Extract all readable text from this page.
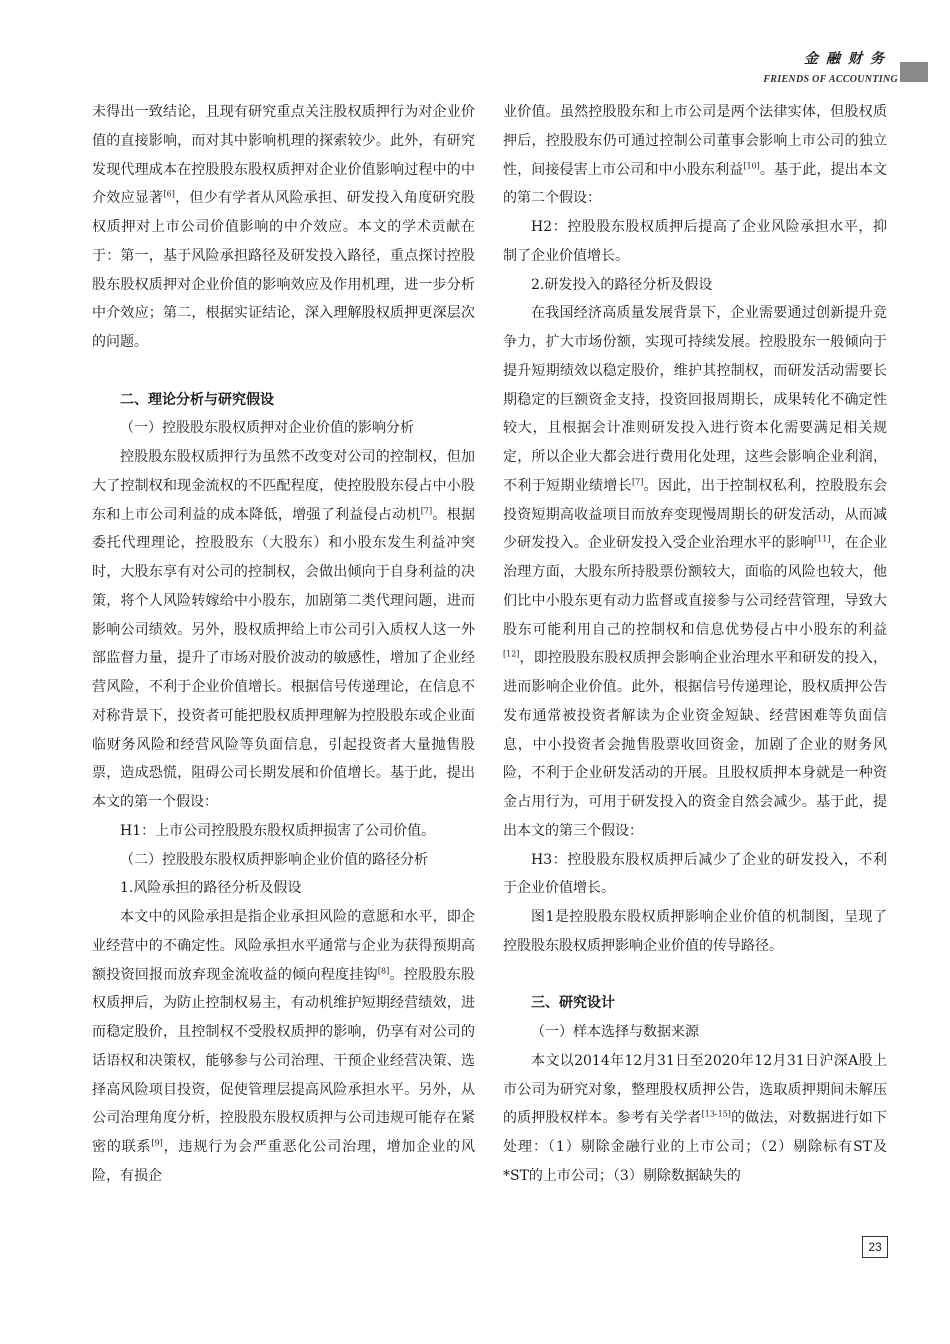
金融财务
FRIENDS OF ACCOUNTING

未得出一致结论，且现有研究重点关注股权质押行为对企业价值的直接影响，而对其中影响机理的探索较少。此外，有研究发现代理成本在控股股东股权质押对企业价值影响过程中的中介效应显著[6]，但少有学者从风险承担、研发投入角度研究股权质押对上市公司价值影响的中介效应。本文的学术贡献在于：第一，基于风险承担路径及研发投入路径，重点探讨控股股东股权质押对企业价值的影响效应及作用机理，进一步分析中介效应；第二，根据实证结论，深入理解股权质押更深层次的问题。

二、理论分析与研究假设

（一）控股股东股权质押对企业价值的影响分析

控股股东股权质押行为虽然不改变对公司的控制权，但加大了控制权和现金流权的不匹配程度，使控股股东侵占中小股东和上市公司利益的成本降低，增强了利益侵占动机[7]。根据委托代理理论，控股股东（大股东）和小股东发生利益冲突时，大股东享有对公司的控制权，会做出倾向于自身利益的决策，将个人风险转嫁给中小股东，加剧第二类代理问题，进而影响公司绩效。另外，股权质押给上市公司引入质权人这一外部监督力量，提升了市场对股价波动的敏感性，增加了企业经营风险，不利于企业价值增长。根据信号传递理论，在信息不对称背景下，投资者可能把股权质押理解为控股股东或企业面临财务风险和经营风险等负面信息，引起投资者大量抛售股票，造成恐慌，阻碍公司长期发展和价值增长。基于此，提出本文的第一个假设：

H1：上市公司控股股东股权质押损害了公司价值。

（二）控股股东股权质押影响企业价值的路径分析

1.风险承担的路径分析及假设

本文中的风险承担是指企业承担风险的意愿和水平，即企业经营中的不确定性。风险承担水平通常与企业为获得预期高额投资回报而放弃现金流收益的倾向程度挂钩[8]。控股股东股权质押后，为防止控制权易主，有动机维护短期经营绩效，进而稳定股价，且控制权不受股权质押的影响，仍享有对公司的话语权和决策权，能够参与公司治理、干预企业经营决策、选择高风险项目投资，促使管理层提高风险承担水平。另外，从公司治理角度分析，控股股东股权质押与公司违规可能存在紧密的联系[9]，违规行为会严重恶化公司治理，增加企业的风险，有损企

业价值。虽然控股股东和上市公司是两个法律实体，但股权质押后，控股股东仍可通过控制公司董事会影响上市公司的独立性，间接侵害上市公司和中小股东利益[10]。基于此，提出本文的第二个假设：

H2：控股股东股权质押后提高了企业风险承担水平，抑制了企业价值增长。

2.研发投入的路径分析及假设

在我国经济高质量发展背景下，企业需要通过创新提升竞争力，扩大市场份额，实现可持续发展。控股股东一般倾向于提升短期绩效以稳定股价，维护其控制权，而研发活动需要长期稳定的巨额资金支持，投资回报周期长，成果转化不确定性较大，且根据会计准则研发投入进行资本化需要满足相关规定，所以企业大都会进行费用化处理，这些会影响企业利润，不利于短期业绩增长[7]。因此，出于控制权私利，控股股东会投资短期高收益项目而放弃变现慢周期长的研发活动，从而减少研发投入。企业研发投入受企业治理水平的影响[11]，在企业治理方面，大股东所持股票份额较大，面临的风险也较大，他们比中小股东更有动力监督或直接参与公司经营管理，导致大股东可能利用自己的控制权和信息优势侵占中小股东的利益[12]，即控股股东股权质押会影响企业治理水平和研发的投入，进而影响企业价值。此外，根据信号传递理论，股权质押公告发布通常被投资者解读为企业资金短缺、经营困难等负面信息，中小投资者会抛售股票收回资金，加剧了企业的财务风险，不利于企业研发活动的开展。且股权质押本身就是一种资金占用行为，可用于研发投入的资金自然会减少。基于此，提出本文的第三个假设：

H3：控股股东股权质押后减少了企业的研发投入，不利于企业价值增长。

图1是控股股东股权质押影响企业价值的机制图，呈现了控股股东股权质押影响企业价值的传导路径。

三、研究设计

（一）样本选择与数据来源

本文以2014年12月31日至2020年12月31日沪深A股上市公司为研究对象，整理股权质押公告，选取质押期间未解压的质押股权样本。参考有关学者[13-15]的做法，对数据进行如下处理：（1）剔除金融行业的上市公司；（2）剔除标有ST及*ST的上市公司；（3）剔除数据缺失的

23
